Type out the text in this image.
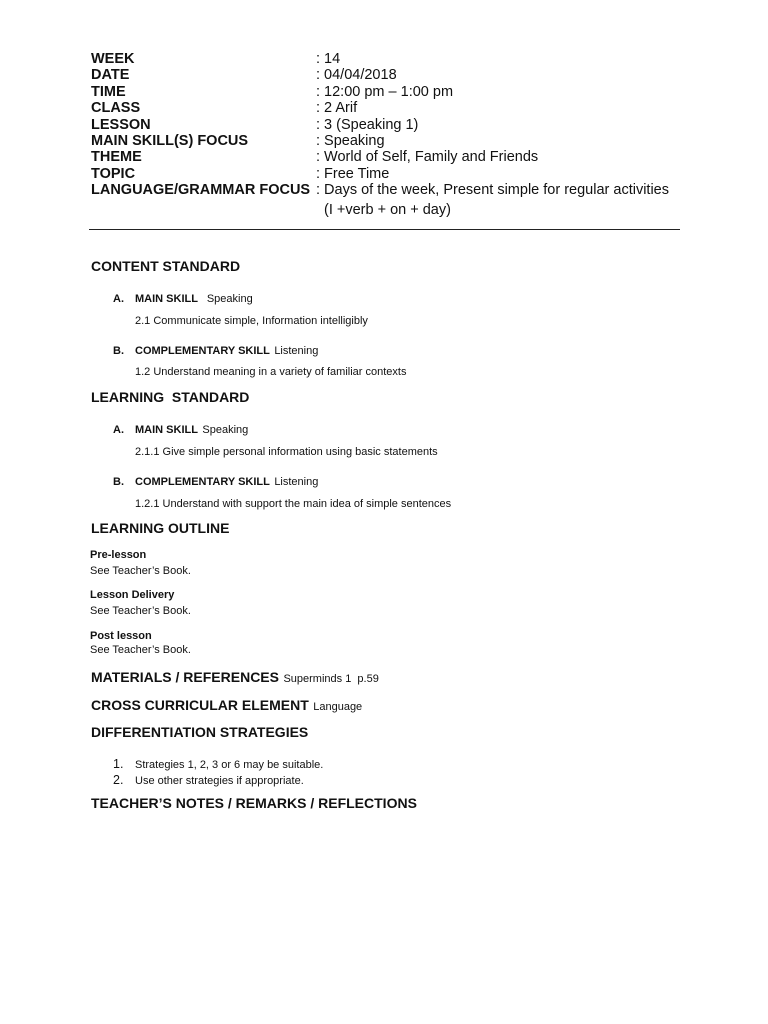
WEEK	: 14
DATE	: 04/04/2018
TIME	: 12:00 pm – 1:00 pm
CLASS	: 2 Arif
LESSON	: 3 (Speaking 1)
MAIN SKILL(S) FOCUS	: Speaking
THEME	: World of Self, Family and Friends
TOPIC	: Free Time
LANGUAGE/GRAMMAR FOCUS : Days of the week, Present simple for regular activities
(I +verb + on + day)
CONTENT STANDARD
A. MAIN SKILL Speaking
2.1 Communicate simple, Information intelligibly
B. COMPLEMENTARY SKILL Listening
1.2 Understand meaning in a variety of familiar contexts
LEARNING  STANDARD
A. MAIN SKILL Speaking
2.1.1 Give simple personal information using basic statements
B. COMPLEMENTARY SKILL Listening
1.2.1 Understand with support the main idea of simple sentences
LEARNING OUTLINE
Pre-lesson
See Teacher’s Book.
Lesson Delivery
See Teacher’s Book.
Post lesson
See Teacher’s Book.
MATERIALS / REFERENCES Superminds 1  p.59
CROSS CURRICULAR ELEMENT Language
DIFFERENTIATION STRATEGIES
1. Strategies 1, 2, 3 or 6 may be suitable.
2. Use other strategies if appropriate.
TEACHER’S NOTES / REMARKS / REFLECTIONS
